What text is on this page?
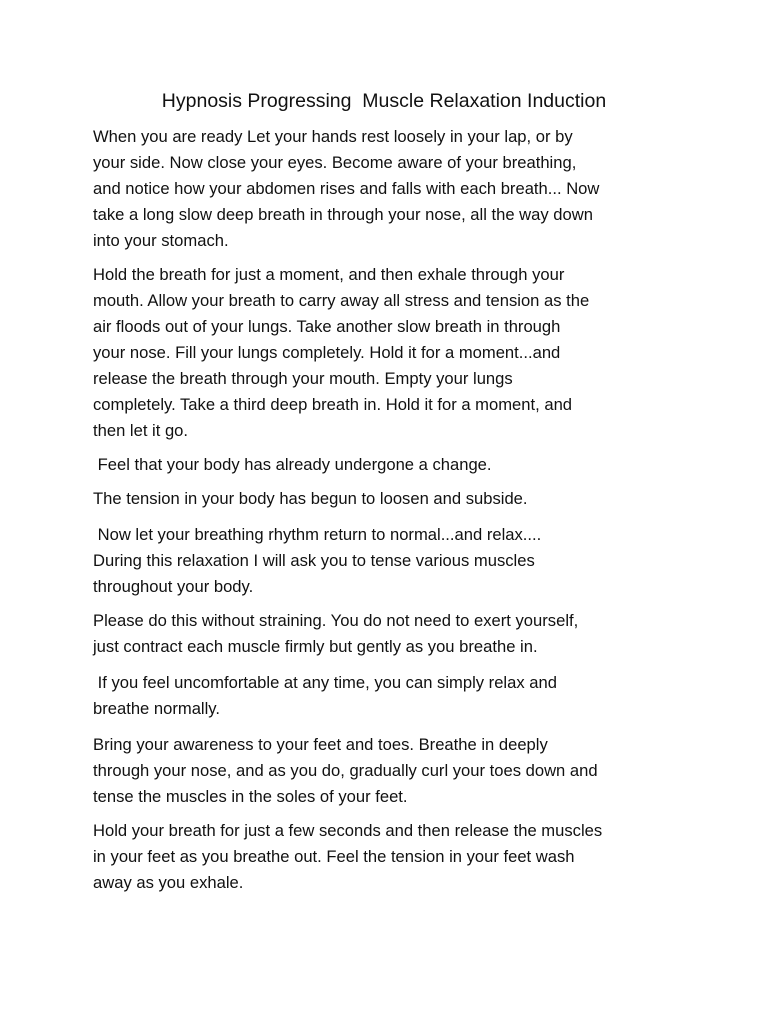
Hypnosis Progressing  Muscle Relaxation Induction

When you are ready Let your hands rest loosely in your lap, or by
your side. Now close your eyes. Become aware of your breathing,
and notice how your abdomen rises and falls with each breath... Now
take a long slow deep breath in through your nose, all the way down
into your stomach.

Hold the breath for just a moment, and then exhale through your
mouth. Allow your breath to carry away all stress and tension as the
air floods out of your lungs. Take another slow breath in through
your nose. Fill your lungs completely. Hold it for a moment...and
release the breath through your mouth. Empty your lungs
completely. Take a third deep breath in. Hold it for a moment, and
then let it go.

Feel that your body has already undergone a change.

The tension in your body has begun to loosen and subside.

Now let your breathing rhythm return to normal...and relax....
During this relaxation I will ask you to tense various muscles
throughout your body.

Please do this without straining. You do not need to exert yourself,
just contract each muscle firmly but gently as you breathe in.

If you feel uncomfortable at any time, you can simply relax and
breathe normally.

Bring your awareness to your feet and toes. Breathe in deeply
through your nose, and as you do, gradually curl your toes down and
tense the muscles in the soles of your feet.

Hold your breath for just a few seconds and then release the muscles
in your feet as you breathe out. Feel the tension in your feet wash
away as you exhale.
